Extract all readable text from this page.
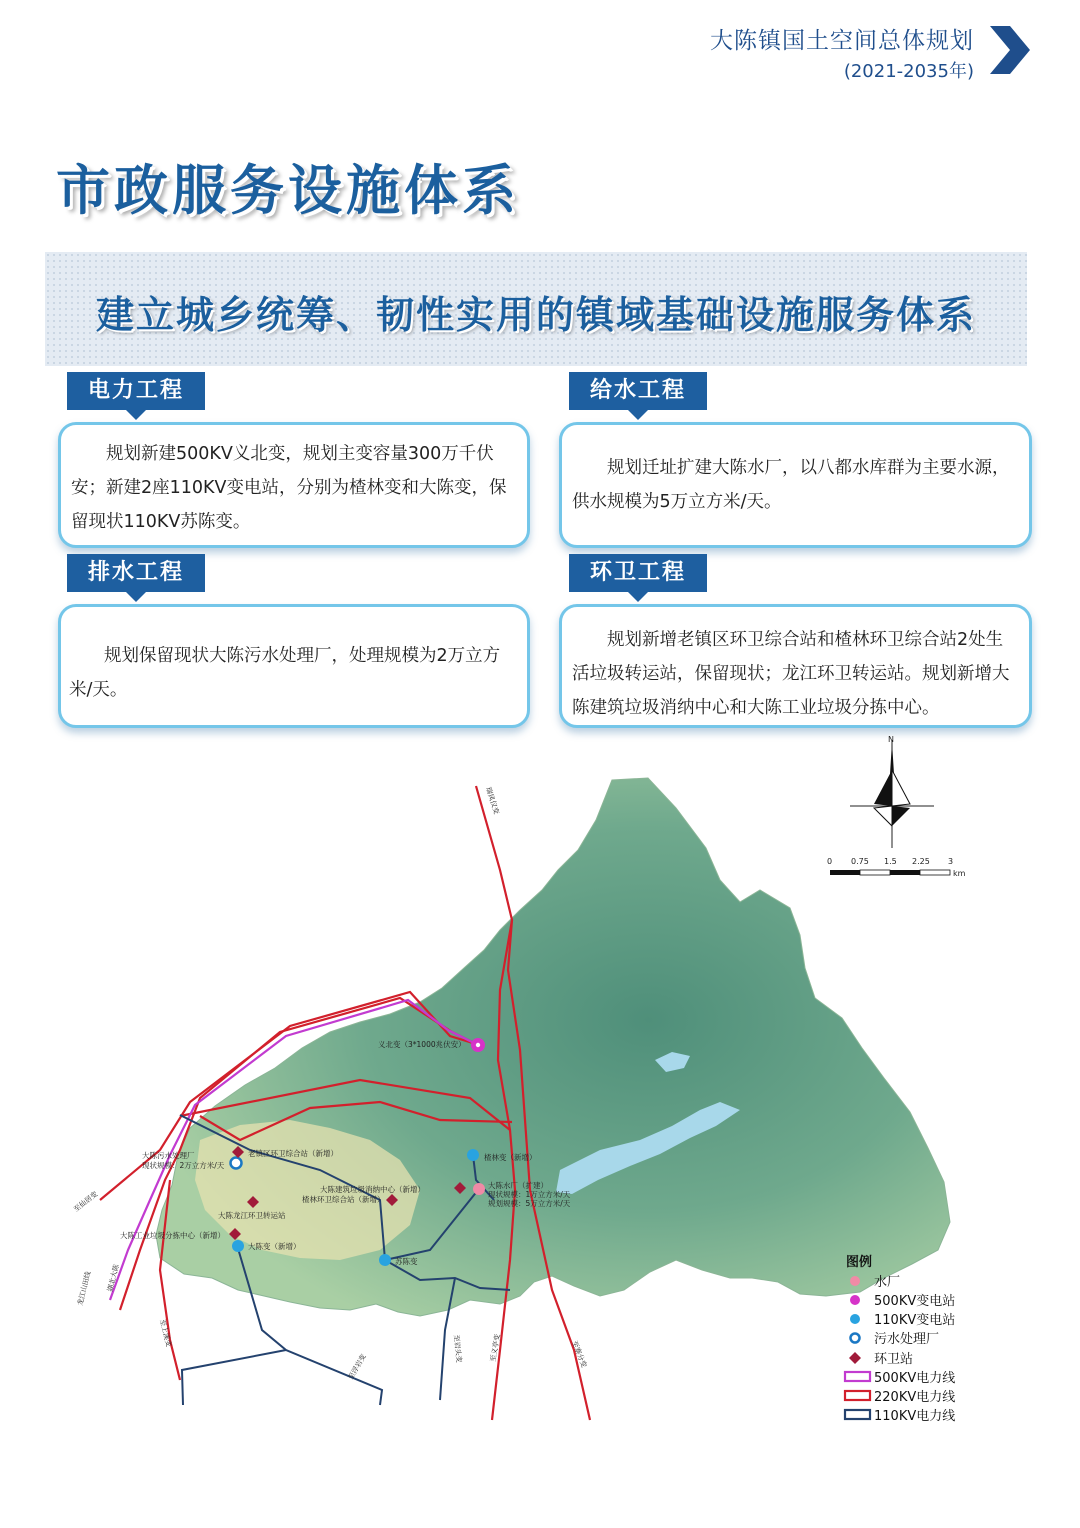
大陈镇国土空间总体规划
(2021-2035年)
市政服务设施体系
建立城乡统筹、韧性实用的镇域基础设施服务体系
电力工程

规划新建500KV义北变，规划主变容量300万千伏安；新建2座110KV变电站，分别为楂林变和大陈变，保留现状110KV苏陈变。

给水工程

规划迁址扩建大陈水厂，以八都水库群为主要水源，供水规模为5万立方米/天。

排水工程

规划保留现状大陈污水处理厂，处理规模为2万立方米/天。

环卫工程

规划新增老镇区环卫综合站和楂林环卫综合站2处生活垃圾转运站，保留现状；龙江环卫转运站。规划新增大陈建筑垃圾消纳中心和大陈工业垃圾分拣中心。

义北变（3*1000兆伏安）
楂林变（新增）
老镇区环卫综合站（新增）
大陈污水处理厂
现状规模：2万立方米/天
大陈建筑垃圾消纳中心（新增）
楂林环卫综合站（新增）
大陈水厂（扩建）
现状规模：1万立方米/天
规划规模：5万立方米/天
大陈龙江环卫转运站
大陈工业垃圾分拣中心（新增）
大陈变（新增）
苏陈变
瑞凤仪变
至仙居变
龙江山田线 湖北大陈
至上溪变
至浮岩变
至岩头变	至义亭变	至寨分变
N
0 0.75 1.5 2.25 3
km
图例
水厂
500KV变电站
110KV变电站
污水处理厂
环卫站
500KV电力线
220KV电力线
110KV电力线
